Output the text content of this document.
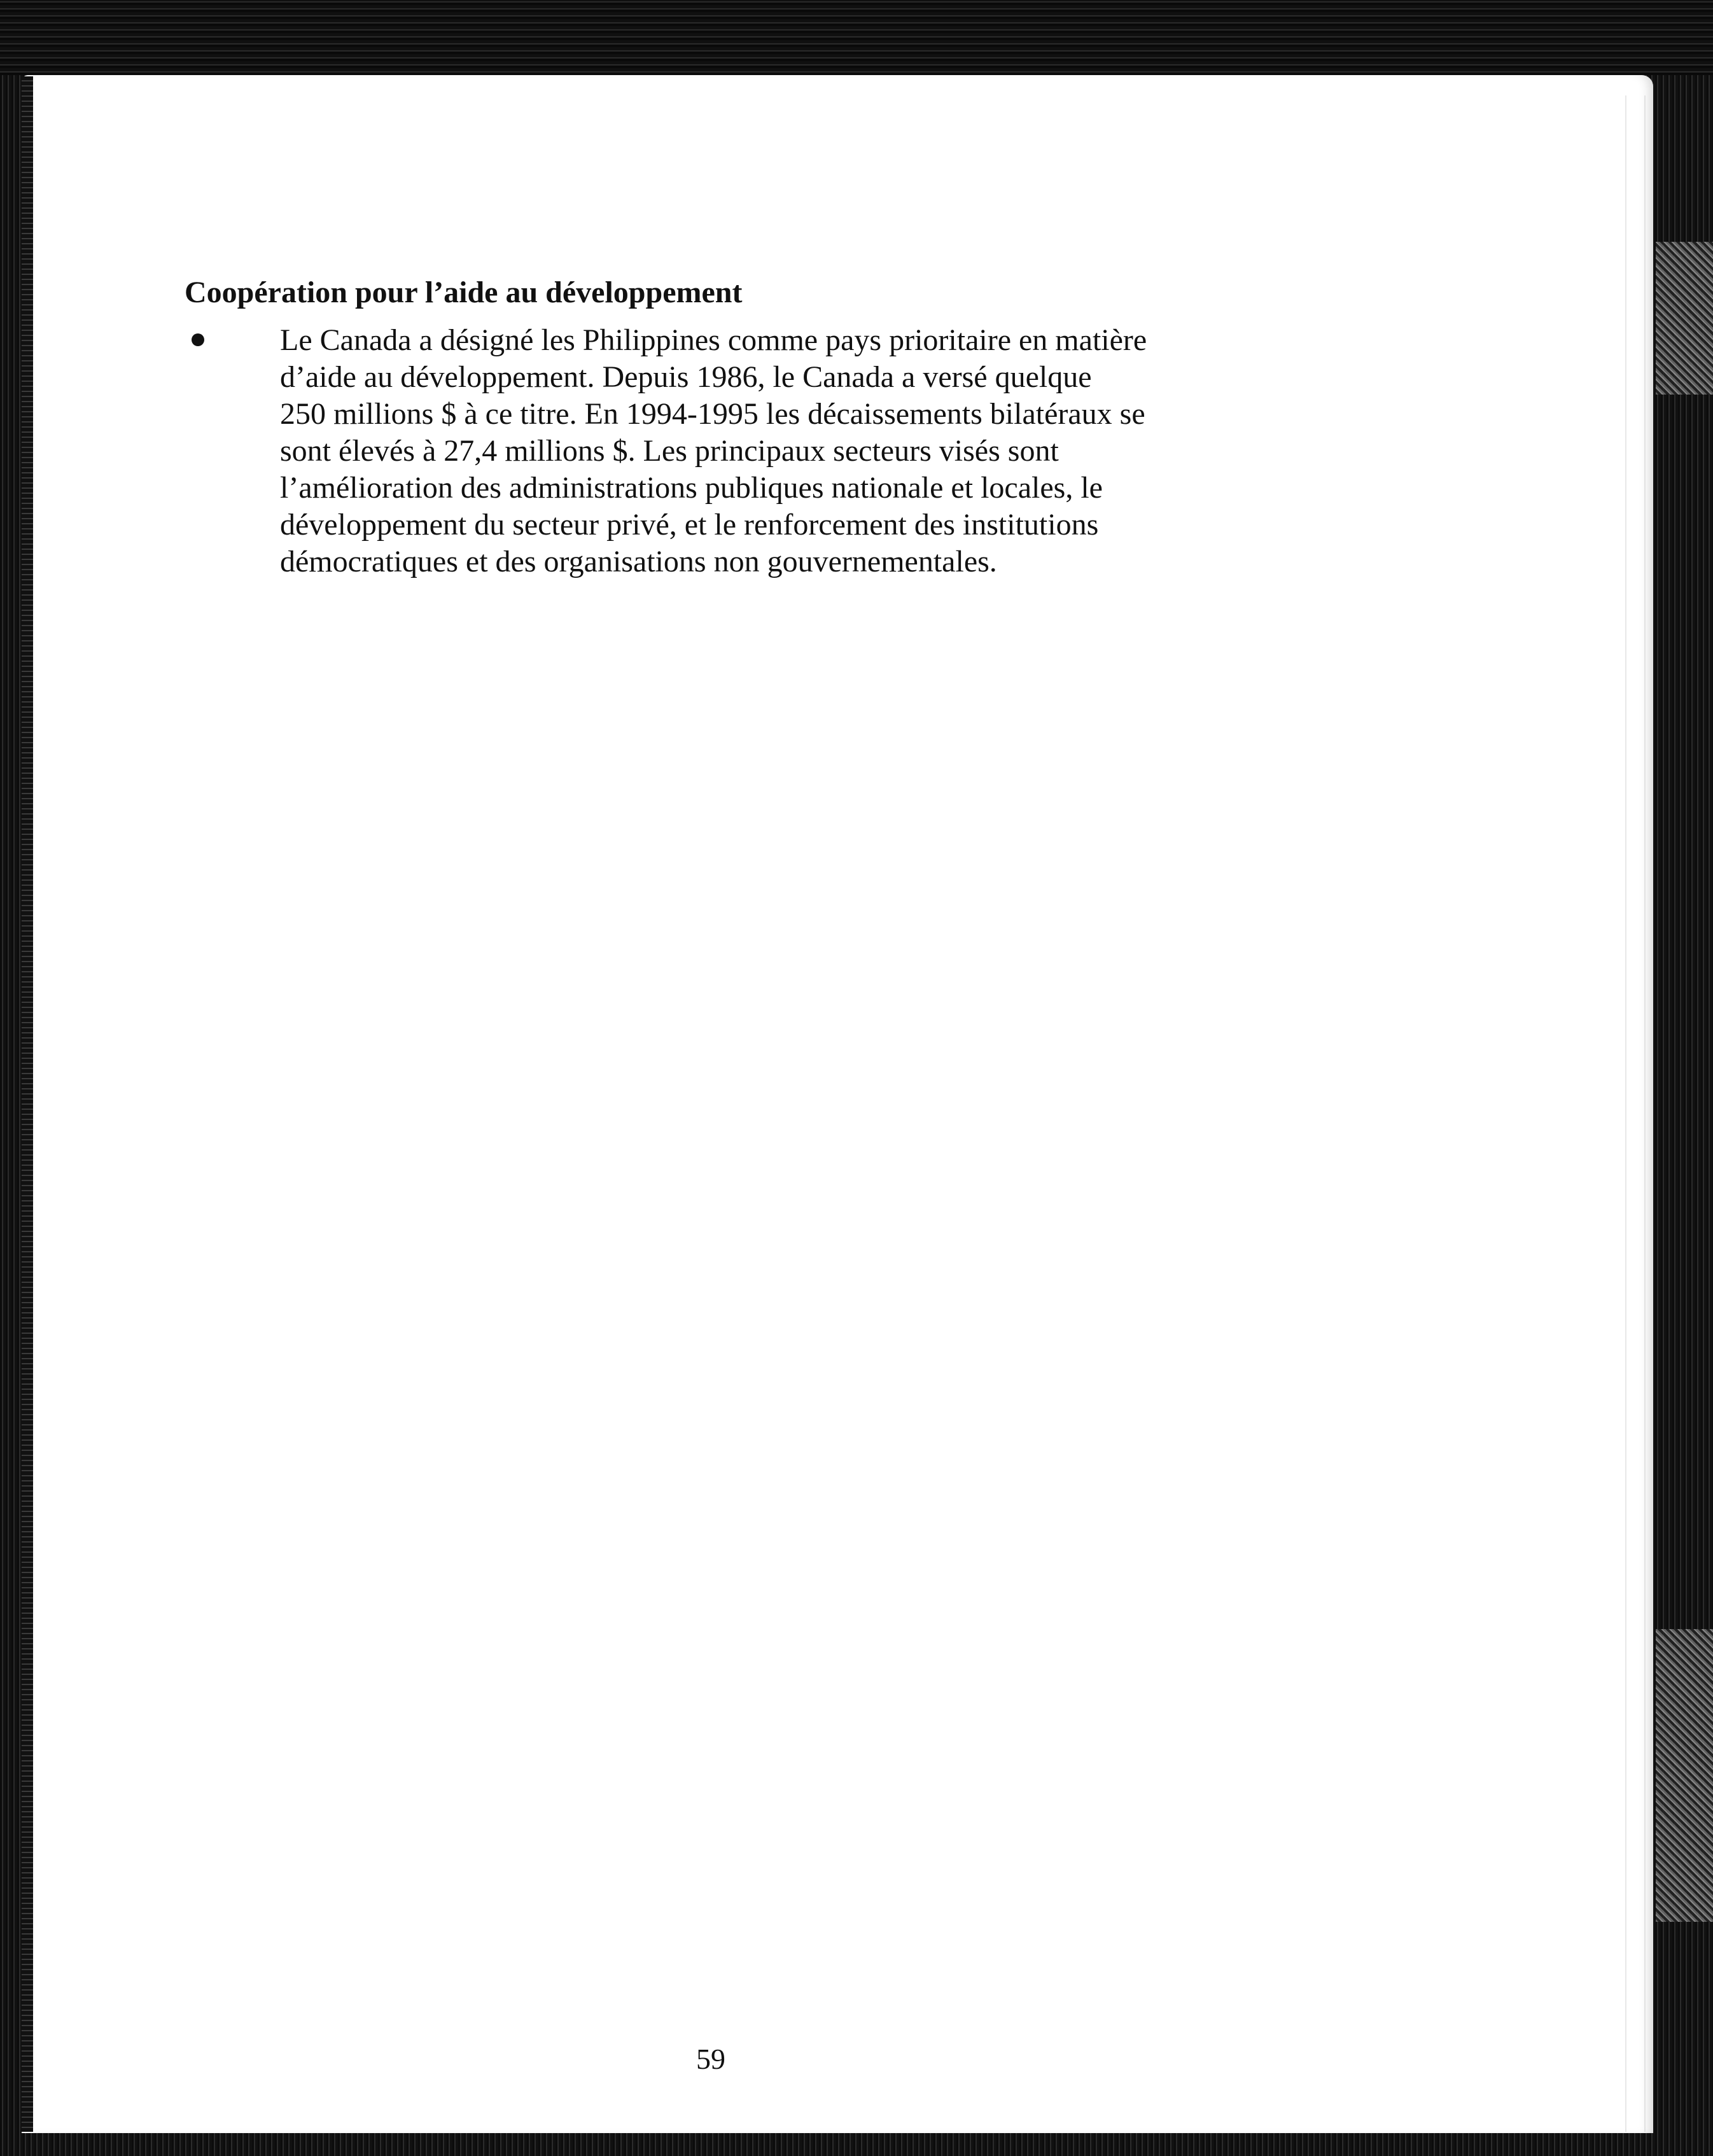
Coopération pour l’aide au développement

Le Canada a désigné les Philippines comme pays prioritaire en matière
d’aide au développement. Depuis 1986, le Canada a versé quelque
250 millions $ à ce titre. En 1994-1995 les décaissements bilatéraux se
sont élevés à 27,4 millions $. Les principaux secteurs visés sont
l’amélioration des administrations publiques nationale et locales, le
développement du secteur privé, et le renforcement des institutions
démocratiques et des organisations non gouvernementales.

59
